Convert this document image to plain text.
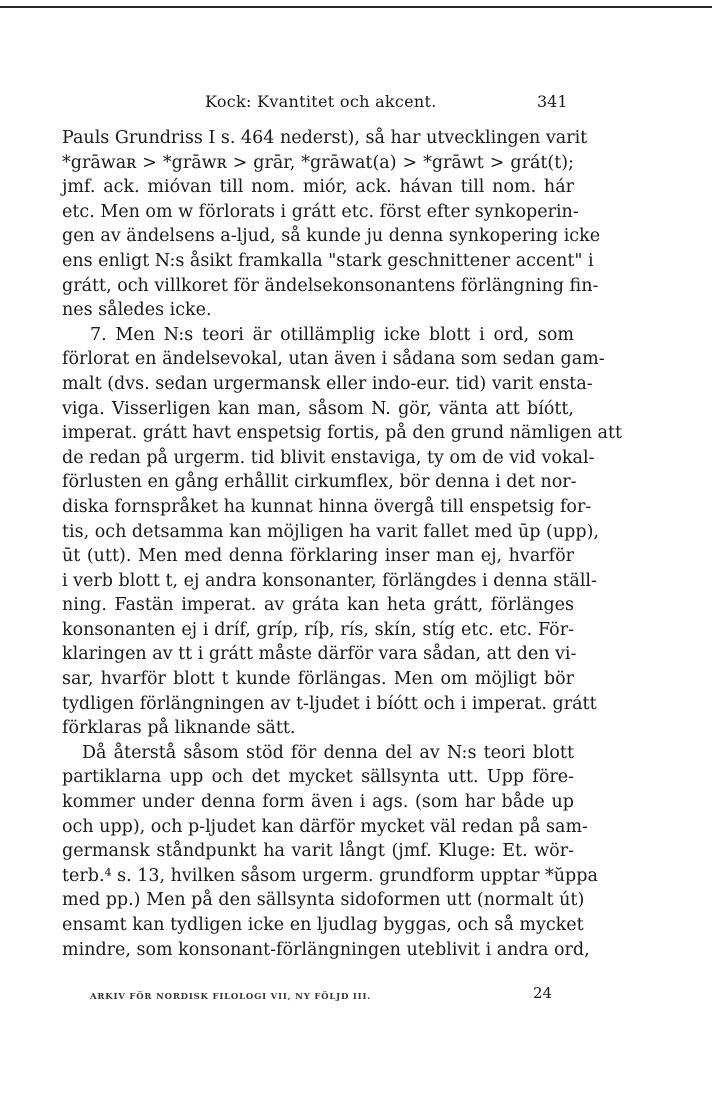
Kock: Kvantitet och akcent.	341
Pauls Grundriss I s. 464 nederst), så har utvecklingen varit
*grāwaʀ > *grāwʀ > grār, *grāwat(a) > *grāwt > grát(t);
jmf. ack. mióvan till nom. miór, ack. hávan till nom. hár
etc. Men om w förlorats i grátt etc. först efter synkoperin-
gen av ändelsens a-ljud, så kunde ju denna synkopering icke
ens enligt N:s åsikt framkalla "stark geschnittener accent" i
grátt, och villkoret för ändelsekonsonantens förlängning fin-
nes således icke.
7. Men N:s teori är otillämplig icke blott i ord, som
förlorat en ändelsevokal, utan även i sådana som sedan gam-
malt (dvs. sedan urgermansk eller indo-eur. tid) varit ensta-
viga. Visserligen kan man, såsom N. gör, vänta att bíótt,
imperat. grátt havt enspetsig fortis, på den grund nämligen att
de redan på urgerm. tid blivit enstaviga, ty om de vid vokal-
förlusten en gång erhållit cirkumflex, bör denna i det nor-
diska fornspråket ha kunnat hinna övergå till enspetsig for-
tis, och detsamma kan möjligen ha varit fallet med ūp (upp),
ūt (utt). Men med denna förklaring inser man ej, hvarför
i verb blott t, ej andra konsonanter, förlängdes i denna ställ-
ning. Fastän imperat. av gráta kan heta grátt, förlänges
konsonanten ej i dríf, gríp, ríþ, rís, skín, stíg etc. etc. För-
klaringen av tt i grátt måste därför vara sådan, att den vi-
sar, hvarför blott t kunde förlängas. Men om möjligt bör
tydligen förlängningen av t-ljudet i bíótt och i imperat. grátt
förklaras på liknande sätt.
Då återstå såsom stöd för denna del av N:s teori blott
partiklarna upp och det mycket sällsynta utt. Upp före-
kommer under denna form även i ags. (som har både up
och upp), och p-ljudet kan därför mycket väl redan på sam-
germansk ståndpunkt ha varit långt (jmf. Kluge: Et. wör-
terb.⁴ s. 13, hvilken såsom urgerm. grundform upptar *ŭppa
med pp.) Men på den sällsynta sidoformen utt (normalt út)
ensamt kan tydligen icke en ljudlag byggas, och så mycket
mindre, som konsonant-förlängningen uteblivit i andra ord,
ARKIV FÖR NORDISK FILOLOGI VII, NY FÖLJD III.	24
